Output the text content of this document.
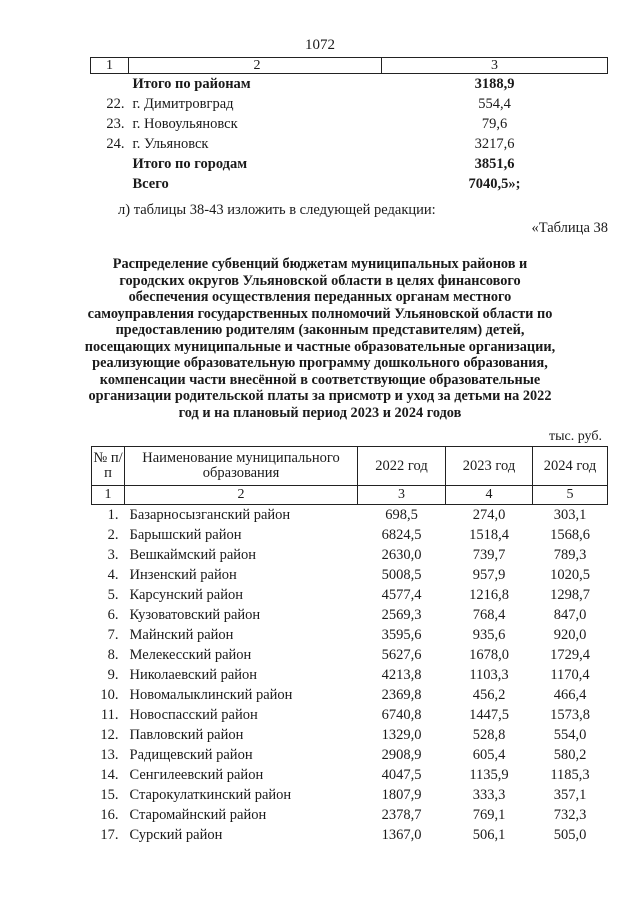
1072
1	2	3
	Итого по районам	3188,9
22.	г. Димитровград	554,4
23.	г. Новоульяновск	79,6
24.	г. Ульяновск	3217,6
	Итого по городам	3851,6
	Всего	7040,5»;
л) таблицы 38-43 изложить в следующей редакции:
«Таблица 38
Распределение субвенций бюджетам муниципальных районов и городских округов Ульяновской области в целях финансового обеспечения осуществления переданных органам местного самоуправления государственных полномочий Ульяновской области по предоставлению родителям (законным представителям) детей, посещающих муниципальные и частные образовательные организации, реализующие образовательную программу дошкольного образования, компенсации части внесённой в соответствующие образовательные организации родительской платы за присмотр и уход за детьми на 2022 год и на плановый период 2023 и 2024 годов
тыс. руб.
№ п/п	Наименование муниципального образования	2022 год	2023 год	2024 год
1	2	3	4	5
1.	Базарносызганский район	698,5	274,0	303,1
2.	Барышский район	6824,5	1518,4	1568,6
3.	Вешкаймский район	2630,0	739,7	789,3
4.	Инзенский район	5008,5	957,9	1020,5
5.	Карсунский район	4577,4	1216,8	1298,7
6.	Кузоватовский район	2569,3	768,4	847,0
7.	Майнский район	3595,6	935,6	920,0
8.	Мелекесский район	5627,6	1678,0	1729,4
9.	Николаевский район	4213,8	1103,3	1170,4
10.	Новомалыклинский район	2369,8	456,2	466,4
11.	Новоспасский район	6740,8	1447,5	1573,8
12.	Павловский район	1329,0	528,8	554,0
13.	Радищевский район	2908,9	605,4	580,2
14.	Сенгилеевский район	4047,5	1135,9	1185,3
15.	Старокулаткинский район	1807,9	333,3	357,1
16.	Старомайнский район	2378,7	769,1	732,3
17.	Сурский район	1367,0	506,1	505,0
